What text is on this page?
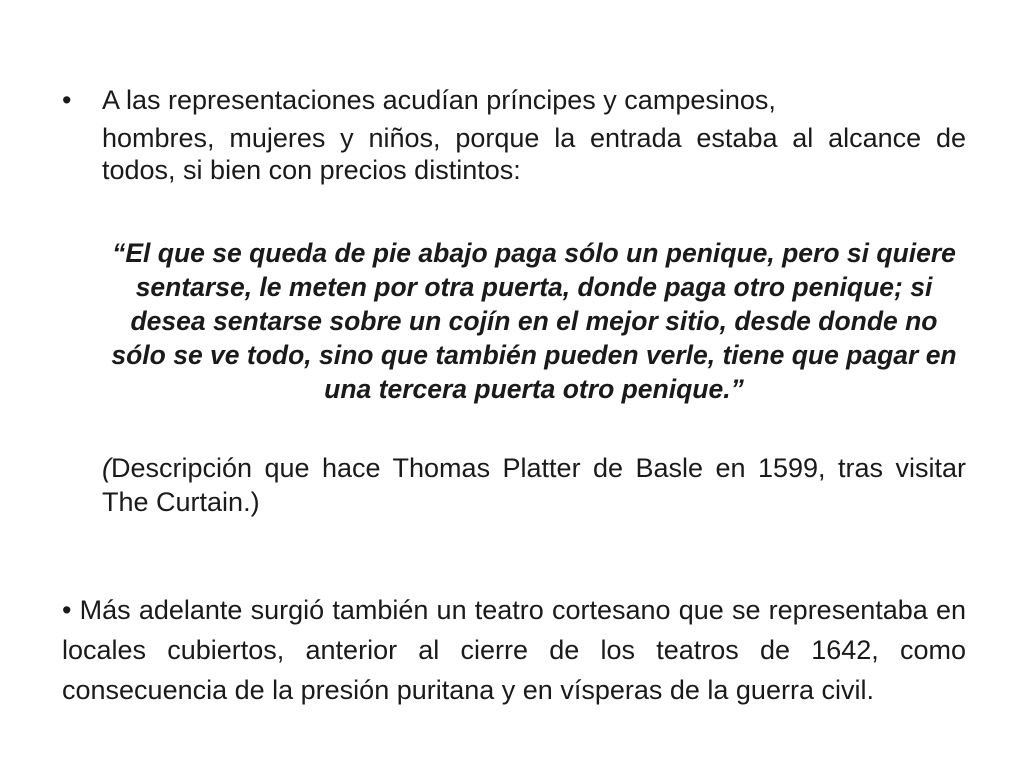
• A las representaciones acudían príncipes y campesinos,
hombres, mujeres y niños, porque la entrada estaba al alcance de todos, si bien con precios distintos:
“El que se queda de pie abajo paga sólo un penique, pero si quiere sentarse, le meten por otra puerta, donde paga otro penique; si desea sentarse sobre un cojín en el mejor sitio, desde donde no sólo se ve todo, sino que también pueden verle, tiene que pagar en una tercera puerta otro penique.”
(Descripción que hace Thomas Platter de Basle en 1599, tras visitar The Curtain.)
• Más adelante surgió también un teatro cortesano que se representaba en locales cubiertos, anterior al cierre de los teatros de 1642, como consecuencia de la presión puritana y en vísperas de la guerra civil.
